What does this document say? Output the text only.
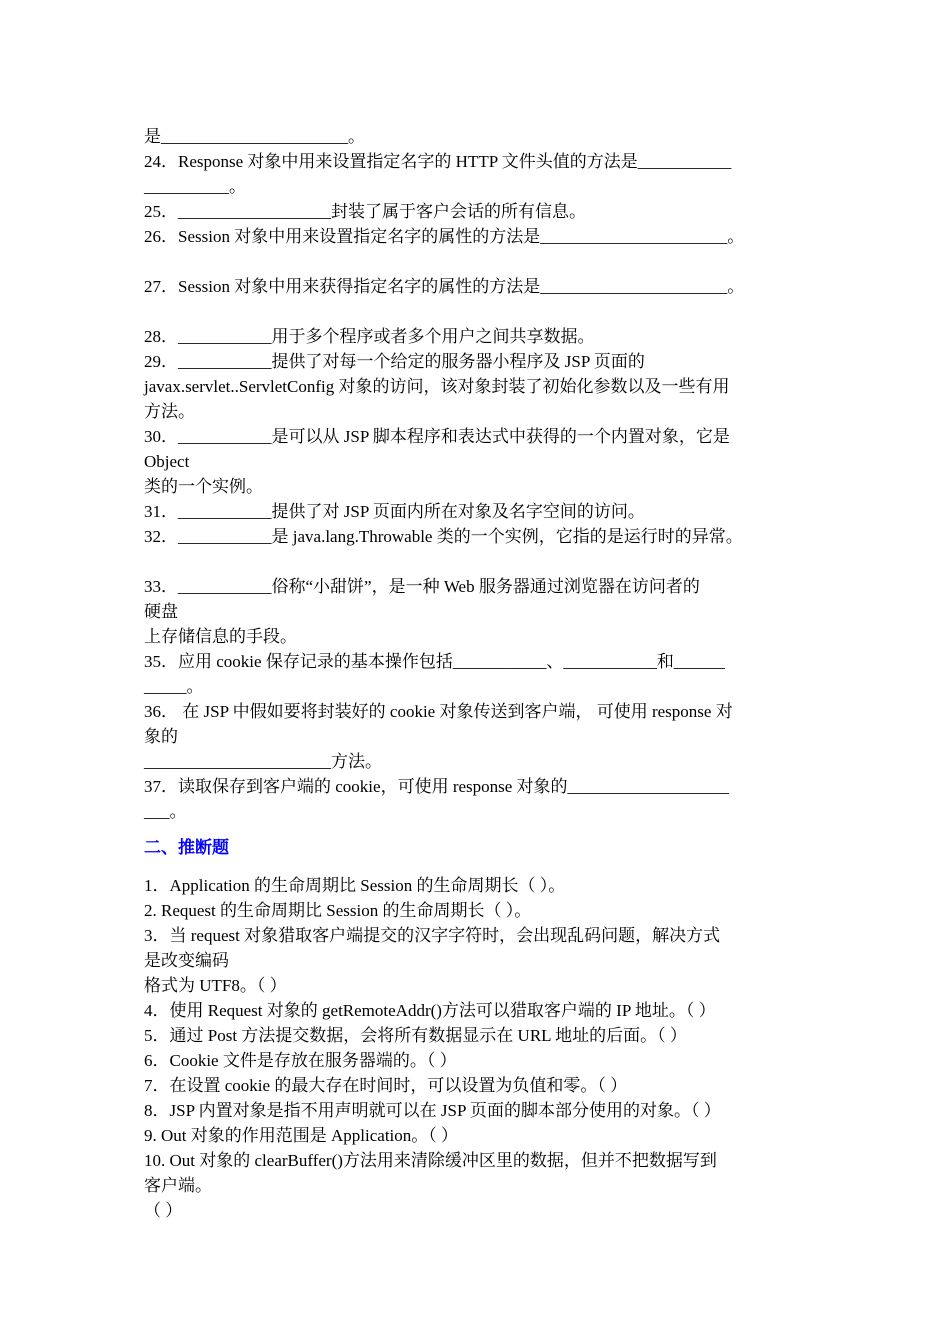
是______________________。

24．Response 对象中用来设置指定名字的 HTTP 文件头值的方法是___________

__________。

25．__________________封装了属于客户会话的所有信息。

26．Session 对象中用来设置指定名字的属性的方法是______________________。

27．Session 对象中用来获得指定名字的属性的方法是______________________。

28．___________用于多个程序或者多个用户之间共享数据。

29．___________提供了对每一个给定的服务器小程序及 JSP 页面的

javax.servlet..ServletConfig 对象的访问，该对象封装了初始化参数以及一些有用

方法。

30．___________是可以从 JSP 脚本程序和表达式中获得的一个内置对象，它是

Object

类的一个实例。

31．___________提供了对 JSP 页面内所在对象及名字空间的访问。

32．___________是 java.lang.Throwable 类的一个实例，它指的是运行时的异常。

33．___________俗称“小甜饼”，是一种 Web 服务器通过浏览器在访问者的

硬盘

上存储信息的手段。

35．应用 cookie 保存记录的基本操作包括___________、___________和______

_____。

36． 在 JSP 中假如要将封装好的 cookie 对象传送到客户端， 可使用 response 对

象的

______________________方法。

37．读取保存到客户端的 cookie，可使用 response 对象的___________________

___。

二、推断题

1．Application 的生命周期比 Session 的生命周期长（ ）。

2. Request 的生命周期比 Session 的生命周期长（ ）。

3．当 request 对象猎取客户端提交的汉字字符时，会出现乱码问题，解决方式

是改变编码

格式为 UTF8。（ ）

4．使用 Request 对象的 getRemoteAddr()方法可以猎取客户端的 IP 地址。（ ）

5．通过 Post 方法提交数据，会将所有数据显示在 URL 地址的后面。（ ）

6．Cookie 文件是存放在服务器端的。（ ）

7．在设置 cookie 的最大存在时间时，可以设置为负值和零。（ ）

8．JSP 内置对象是指不用声明就可以在 JSP 页面的脚本部分使用的对象。（ ）

9. Out 对象的作用范围是 Application。（ ）

10. Out 对象的 clearBuffer()方法用来清除缓冲区里的数据，但并不把数据写到

客户端。

（ ）
